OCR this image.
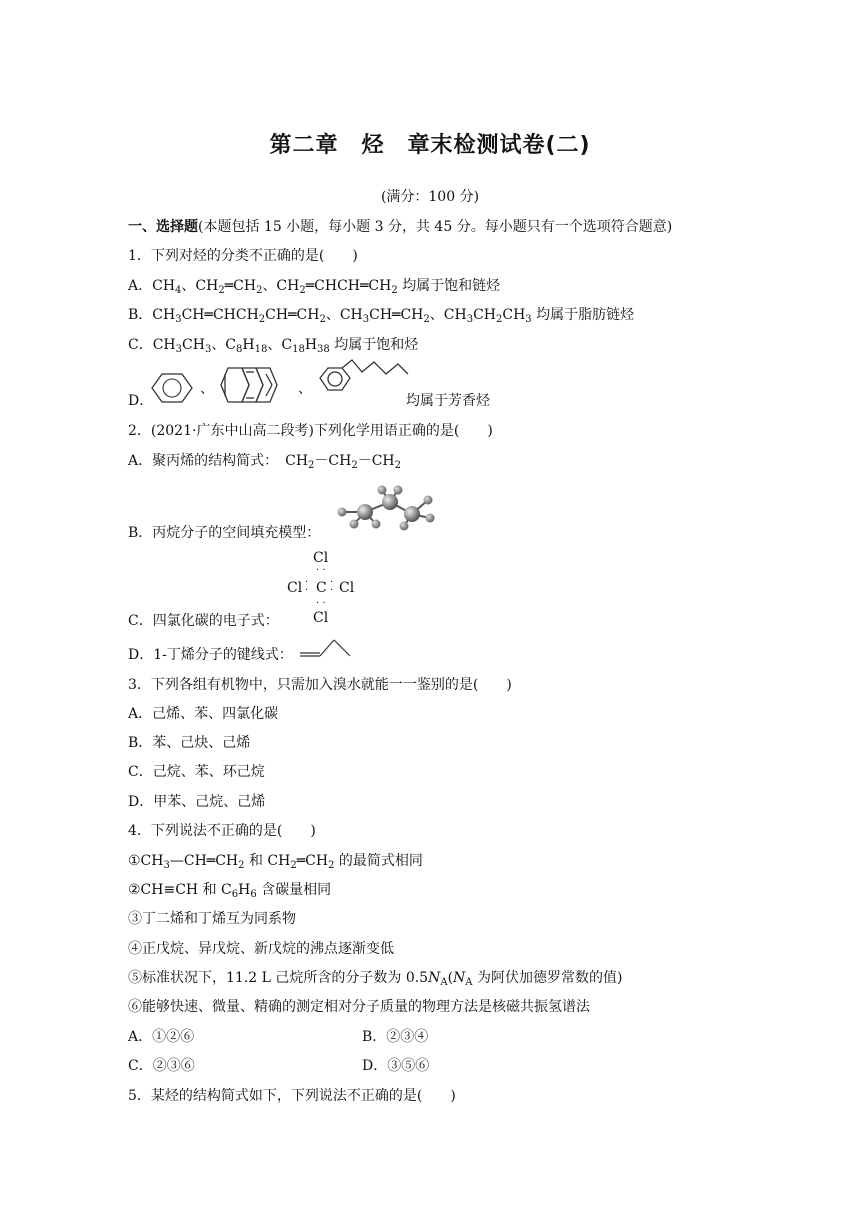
第二章　烃　章末检测试卷(二)
(满分：100 分)
一、选择题(本题包括 15 小题，每小题 3 分，共 45 分。每小题只有一个选项符合题意)
1．下列对烃的分类不正确的是(　　)
A．$CH_4$、$CH_2═CH_2$、$CH_2═CHCH═CH_2$ 均属于饱和链烃
B．$CH_3CH═CHCH_2CH═CH_2$、$CH_3CH═CH_2$、$CH_3CH_2CH_3$ 均属于脂肪链烃
C．$CH_3CH_3$、$C_8H_{18}$、$C_{18}H_{38}$ 均属于饱和烃
D．
、	、
均属于芳香烃
2．(2021·广东中山高二段考)下列化学用语正确的是(　　)
A．聚丙烯的结构简式：　$CH_2-CH_2-CH_2$
B．丙烷分子的空间填充模型：
Cl
· ·
Cl ·
· C ·
· Cl
· ·
Cl
C．四氯化碳的电子式：
D．1-丁烯分子的键线式：
3．下列各组有机物中，只需加入溴水就能一一鉴别的是(　　)
A．己烯、苯、四氯化碳
B．苯、己炔、己烯
C．己烷、苯、环己烷
D．甲苯、己烷、己烯
4．下列说法不正确的是(　　)
$①CH_3—CH═CH_2$ 和 $CH_2═CH_2$ 的最简式相同
②CH≡CH 和 $C_6H_6$ 含碳量相同
③丁二烯和丁烯互为同系物
④正戊烷、异戊烷、新戊烷的沸点逐渐变低
⑤标准状况下，11.2 L 己烷所含的分子数为 $0.5N_A(N_A$ 为阿伏加德罗常数的值)
⑥能够快速、微量、精确的测定相对分子质量的物理方法是核磁共振氢谱法
A．①②⑥	B．②③④
C．②③⑥	D．③⑤⑥
5．某烃的结构简式如下，下列说法不正确的是(　　)
